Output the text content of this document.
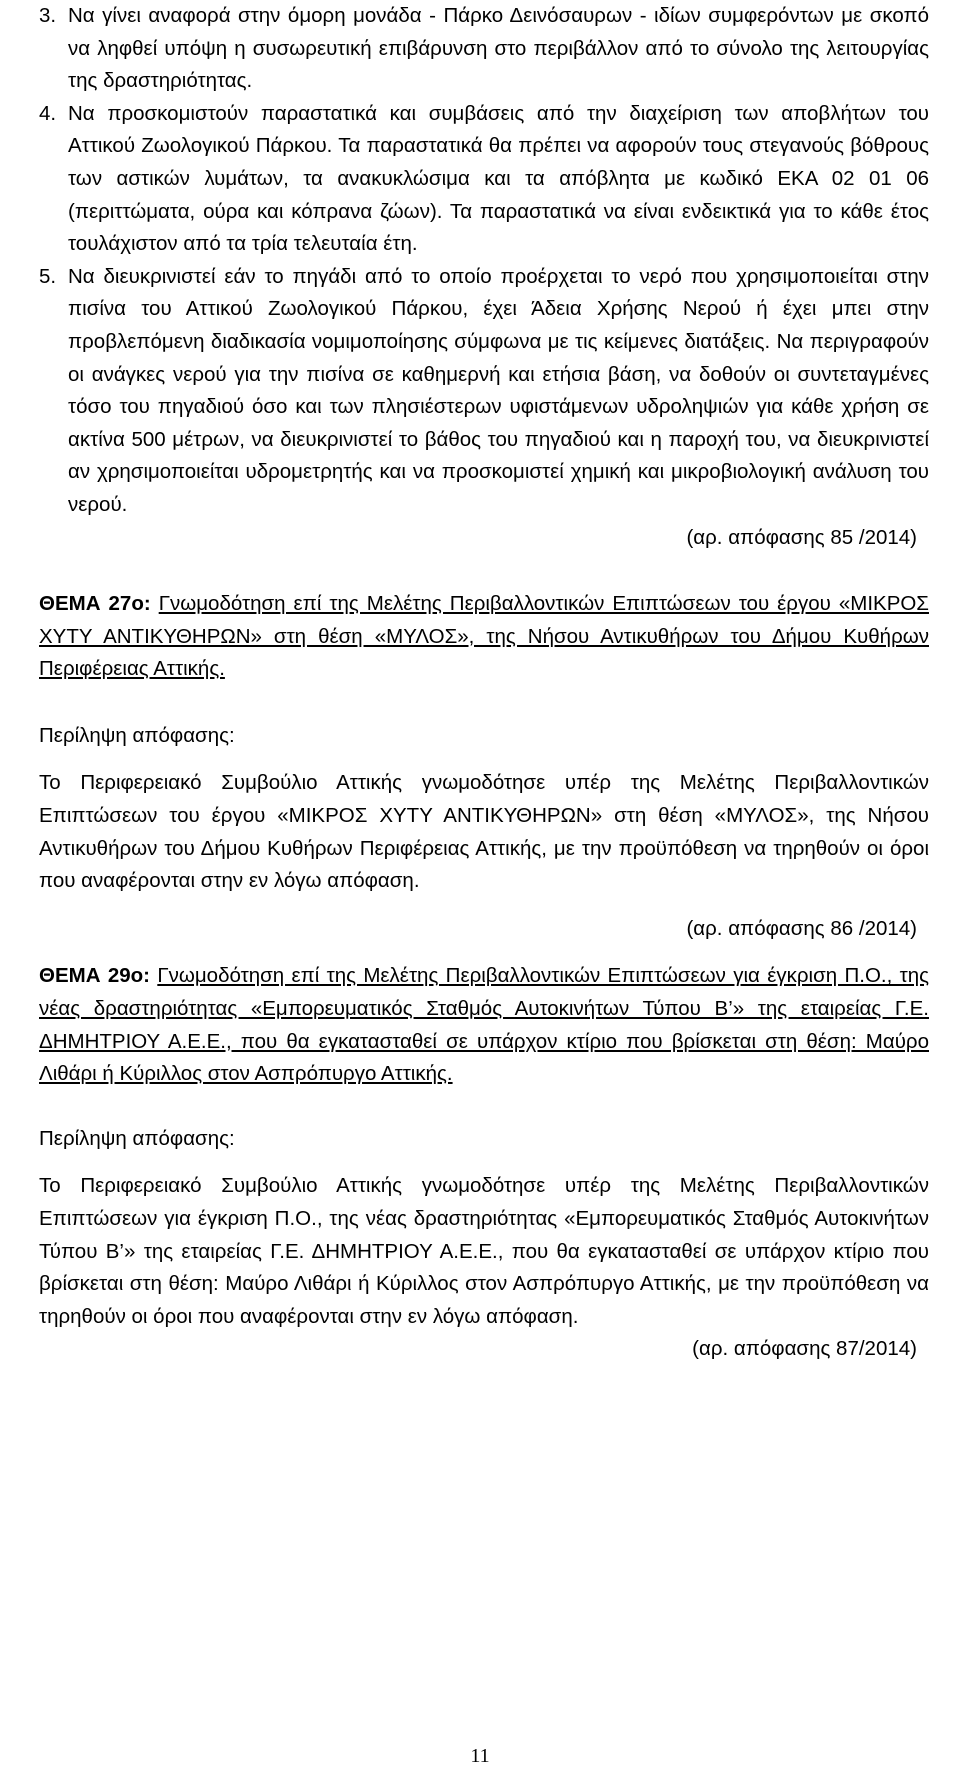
3. Να γίνει αναφορά στην όμορη μονάδα - Πάρκο Δεινόσαυρων - ιδίων συμφερόντων με σκοπό να ληφθεί υπόψη η συσωρευτική επιβάρυνση στο περιβάλλον από το σύνολο της λειτουργίας της δραστηριότητας.
4. Να προσκομιστούν παραστατικά και συμβάσεις από την διαχείριση των αποβλήτων του Αττικού Ζωολογικού Πάρκου. Τα παραστατικά θα πρέπει να αφορούν τους στεγανούς βόθρους των αστικών λυμάτων, τα ανακυκλώσιμα και τα απόβλητα με κωδικό ΕΚΑ 02 01 06 (περιττώματα, ούρα και κόπρανα ζώων). Τα παραστατικά να είναι ενδεικτικά για το κάθε έτος τουλάχιστον από τα τρία τελευταία έτη.
5. Να διευκρινιστεί εάν το πηγάδι από το οποίο προέρχεται το νερό που χρησιμοποιείται στην πισίνα του Αττικού Ζωολογικού Πάρκου, έχει Άδεια Χρήσης Νερού ή έχει μπει στην προβλεπόμενη διαδικασία νομιμοποίησης σύμφωνα με τις κείμενες διατάξεις. Να περιγραφούν οι ανάγκες νερού για την πισίνα σε καθημερνή και ετήσια βάση, να δοθούν οι συντεταγμένες τόσο του πηγαδιού όσο και των πλησιέστερων υφιστάμενων υδροληψιών για κάθε χρήση σε ακτίνα 500 μέτρων, να διευκρινιστεί το βάθος του πηγαδιού και η παροχή του, να διευκρινιστεί αν χρησιμοποιείται υδρομετρητής και να προσκομιστεί χημική και μικροβιολογική ανάλυση του νερού.
(αρ. απόφασης 85 /2014)
ΘΕΜΑ 27ο: Γνωμοδότηση επί της Μελέτης Περιβαλλοντικών Επιπτώσεων του έργου «ΜΙΚΡΟΣ ΧΥΤΥ ΑΝΤΙΚΥΘΗΡΩΝ» στη θέση «ΜΥΛΟΣ», της Νήσου Αντικυθήρων του Δήμου Κυθήρων Περιφέρειας Αττικής.

Περίληψη απόφασης:

Το Περιφερειακό Συμβούλιο Αττικής γνωμοδότησε υπέρ της Μελέτης Περιβαλλοντικών Επιπτώσεων του έργου «ΜΙΚΡΟΣ ΧΥΤΥ ΑΝΤΙΚΥΘΗΡΩΝ» στη θέση «ΜΥΛΟΣ», της Νήσου Αντικυθήρων του Δήμου Κυθήρων Περιφέρειας Αττικής, με την προϋπόθεση να τηρηθούν οι όροι που αναφέρονται στην εν λόγω απόφαση.

(αρ. απόφασης 86 /2014)
ΘΕΜΑ 29ο: Γνωμοδότηση επί της Μελέτης Περιβαλλοντικών Επιπτώσεων για έγκριση Π.Ο., της νέας δραστηριότητας «Εμπορευματικός Σταθμός Αυτοκινήτων Τύπου Β’» της εταιρείας Γ.Ε. ΔΗΜΗΤΡΙΟΥ Α.Ε.Ε., που θα εγκατασταθεί σε υπάρχον κτίριο που βρίσκεται στη θέση: Μαύρο Λιθάρι ή Κύριλλος στον Ασπρόπυργο Αττικής.

Περίληψη απόφασης:

Το Περιφερειακό Συμβούλιο Αττικής γνωμοδότησε υπέρ της Μελέτης Περιβαλλοντικών Επιπτώσεων για έγκριση Π.Ο., της νέας δραστηριότητας «Εμπορευματικός Σταθμός Αυτοκινήτων Τύπου Β’» της εταιρείας Γ.Ε. ΔΗΜΗΤΡΙΟΥ Α.Ε.Ε., που θα εγκατασταθεί σε υπάρχον κτίριο που βρίσκεται στη θέση: Μαύρο Λιθάρι ή Κύριλλος στον Ασπρόπυργο Αττικής, με την προϋπόθεση να τηρηθούν οι όροι που αναφέρονται στην εν λόγω απόφαση.

(αρ. απόφασης 87/2014)
11
